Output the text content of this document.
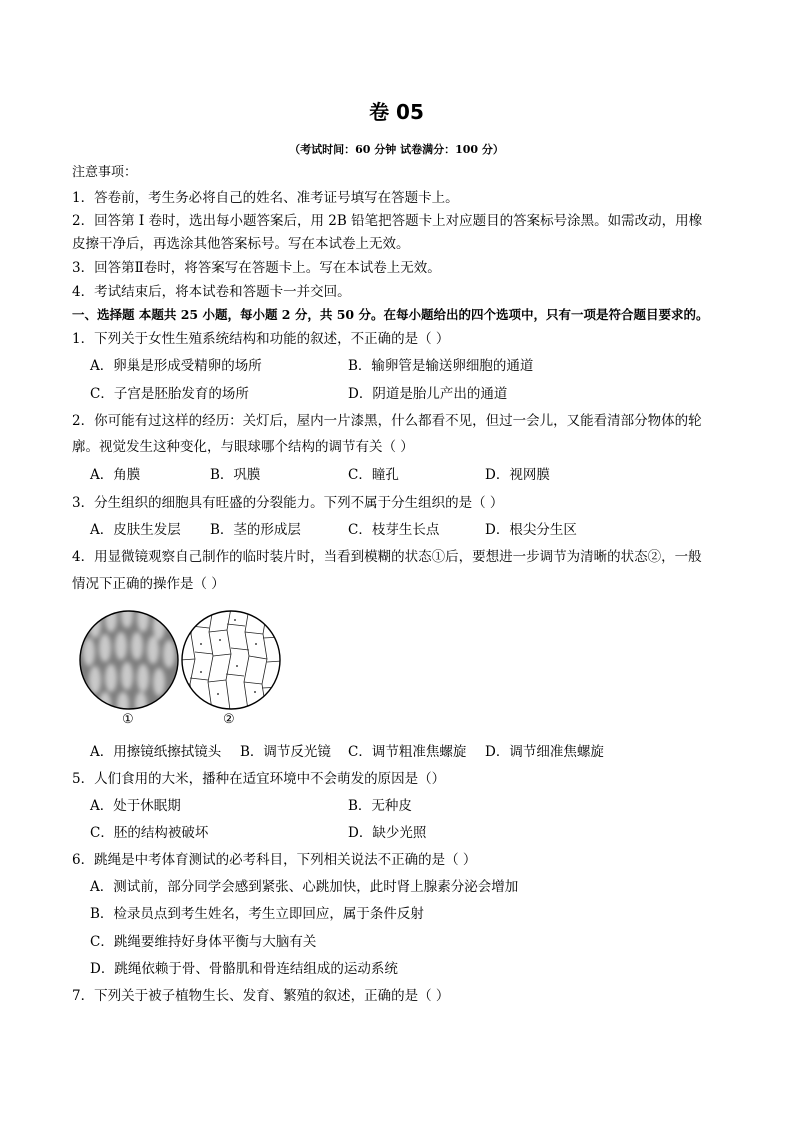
卷 05
（考试时间：60 分钟 试卷满分：100 分）
注意事项：
1．答卷前，考生务必将自己的姓名、准考证号填写在答题卡上。
2．回答第 I 卷时，选出每小题答案后，用 2B 铅笔把答题卡上对应题目的答案标号涂黑。如需改动，用橡
皮擦干净后，再选涂其他答案标号。写在本试卷上无效。
3．回答第Ⅱ卷时，将答案写在答题卡上。写在本试卷上无效。
4．考试结束后，将本试卷和答题卡一并交回。
一、选择题 本题共 25 小题，每小题 2 分，共 50 分。在每小题给出的四个选项中，只有一项是符合题目要求的。
1．下列关于女性生殖系统结构和功能的叙述，不正确的是（ ）
A．卵巢是形成受精卵的场所	B．输卵管是输送卵细胞的通道
C．子宫是胚胎发育的场所	D．阴道是胎儿产出的通道
2．你可能有过这样的经历：关灯后，屋内一片漆黑，什么都看不见，但过一会儿，又能看清部分物体的轮
廓。视觉发生这种变化，与眼球哪个结构的调节有关（ ）
A．角膜	B．巩膜	C．瞳孔	D．视网膜
3．分生组织的细胞具有旺盛的分裂能力。下列不属于分生组织的是（ ）
A．皮肤生发层 B．茎的形成层	C．枝芽生长点	D．根尖分生区
4．用显微镜观察自己制作的临时装片时，当看到模糊的状态①后，要想进一步调节为清晰的状态②，一般
情况下正确的操作是（ ）
①	②
A．用擦镜纸擦拭镜头 B．调节反光镜 C．调节粗准焦螺旋 D．调节细准焦螺旋
5．人们食用的大米，播种在适宜环境中不会萌发的原因是（）
A．处于休眠期	B．无种皮
C．胚的结构被破坏	D．缺少光照
6．跳绳是中考体育测试的必考科目，下列相关说法不正确的是（ ）
A．测试前，部分同学会感到紧张、心跳加快，此时肾上腺素分泌会增加
B．检录员点到考生姓名，考生立即回应，属于条件反射
C．跳绳要维持好身体平衡与大脑有关
D．跳绳依赖于骨、骨骼肌和骨连结组成的运动系统
7．下列关于被子植物生长、发育、繁殖的叙述，正确的是（ ）
